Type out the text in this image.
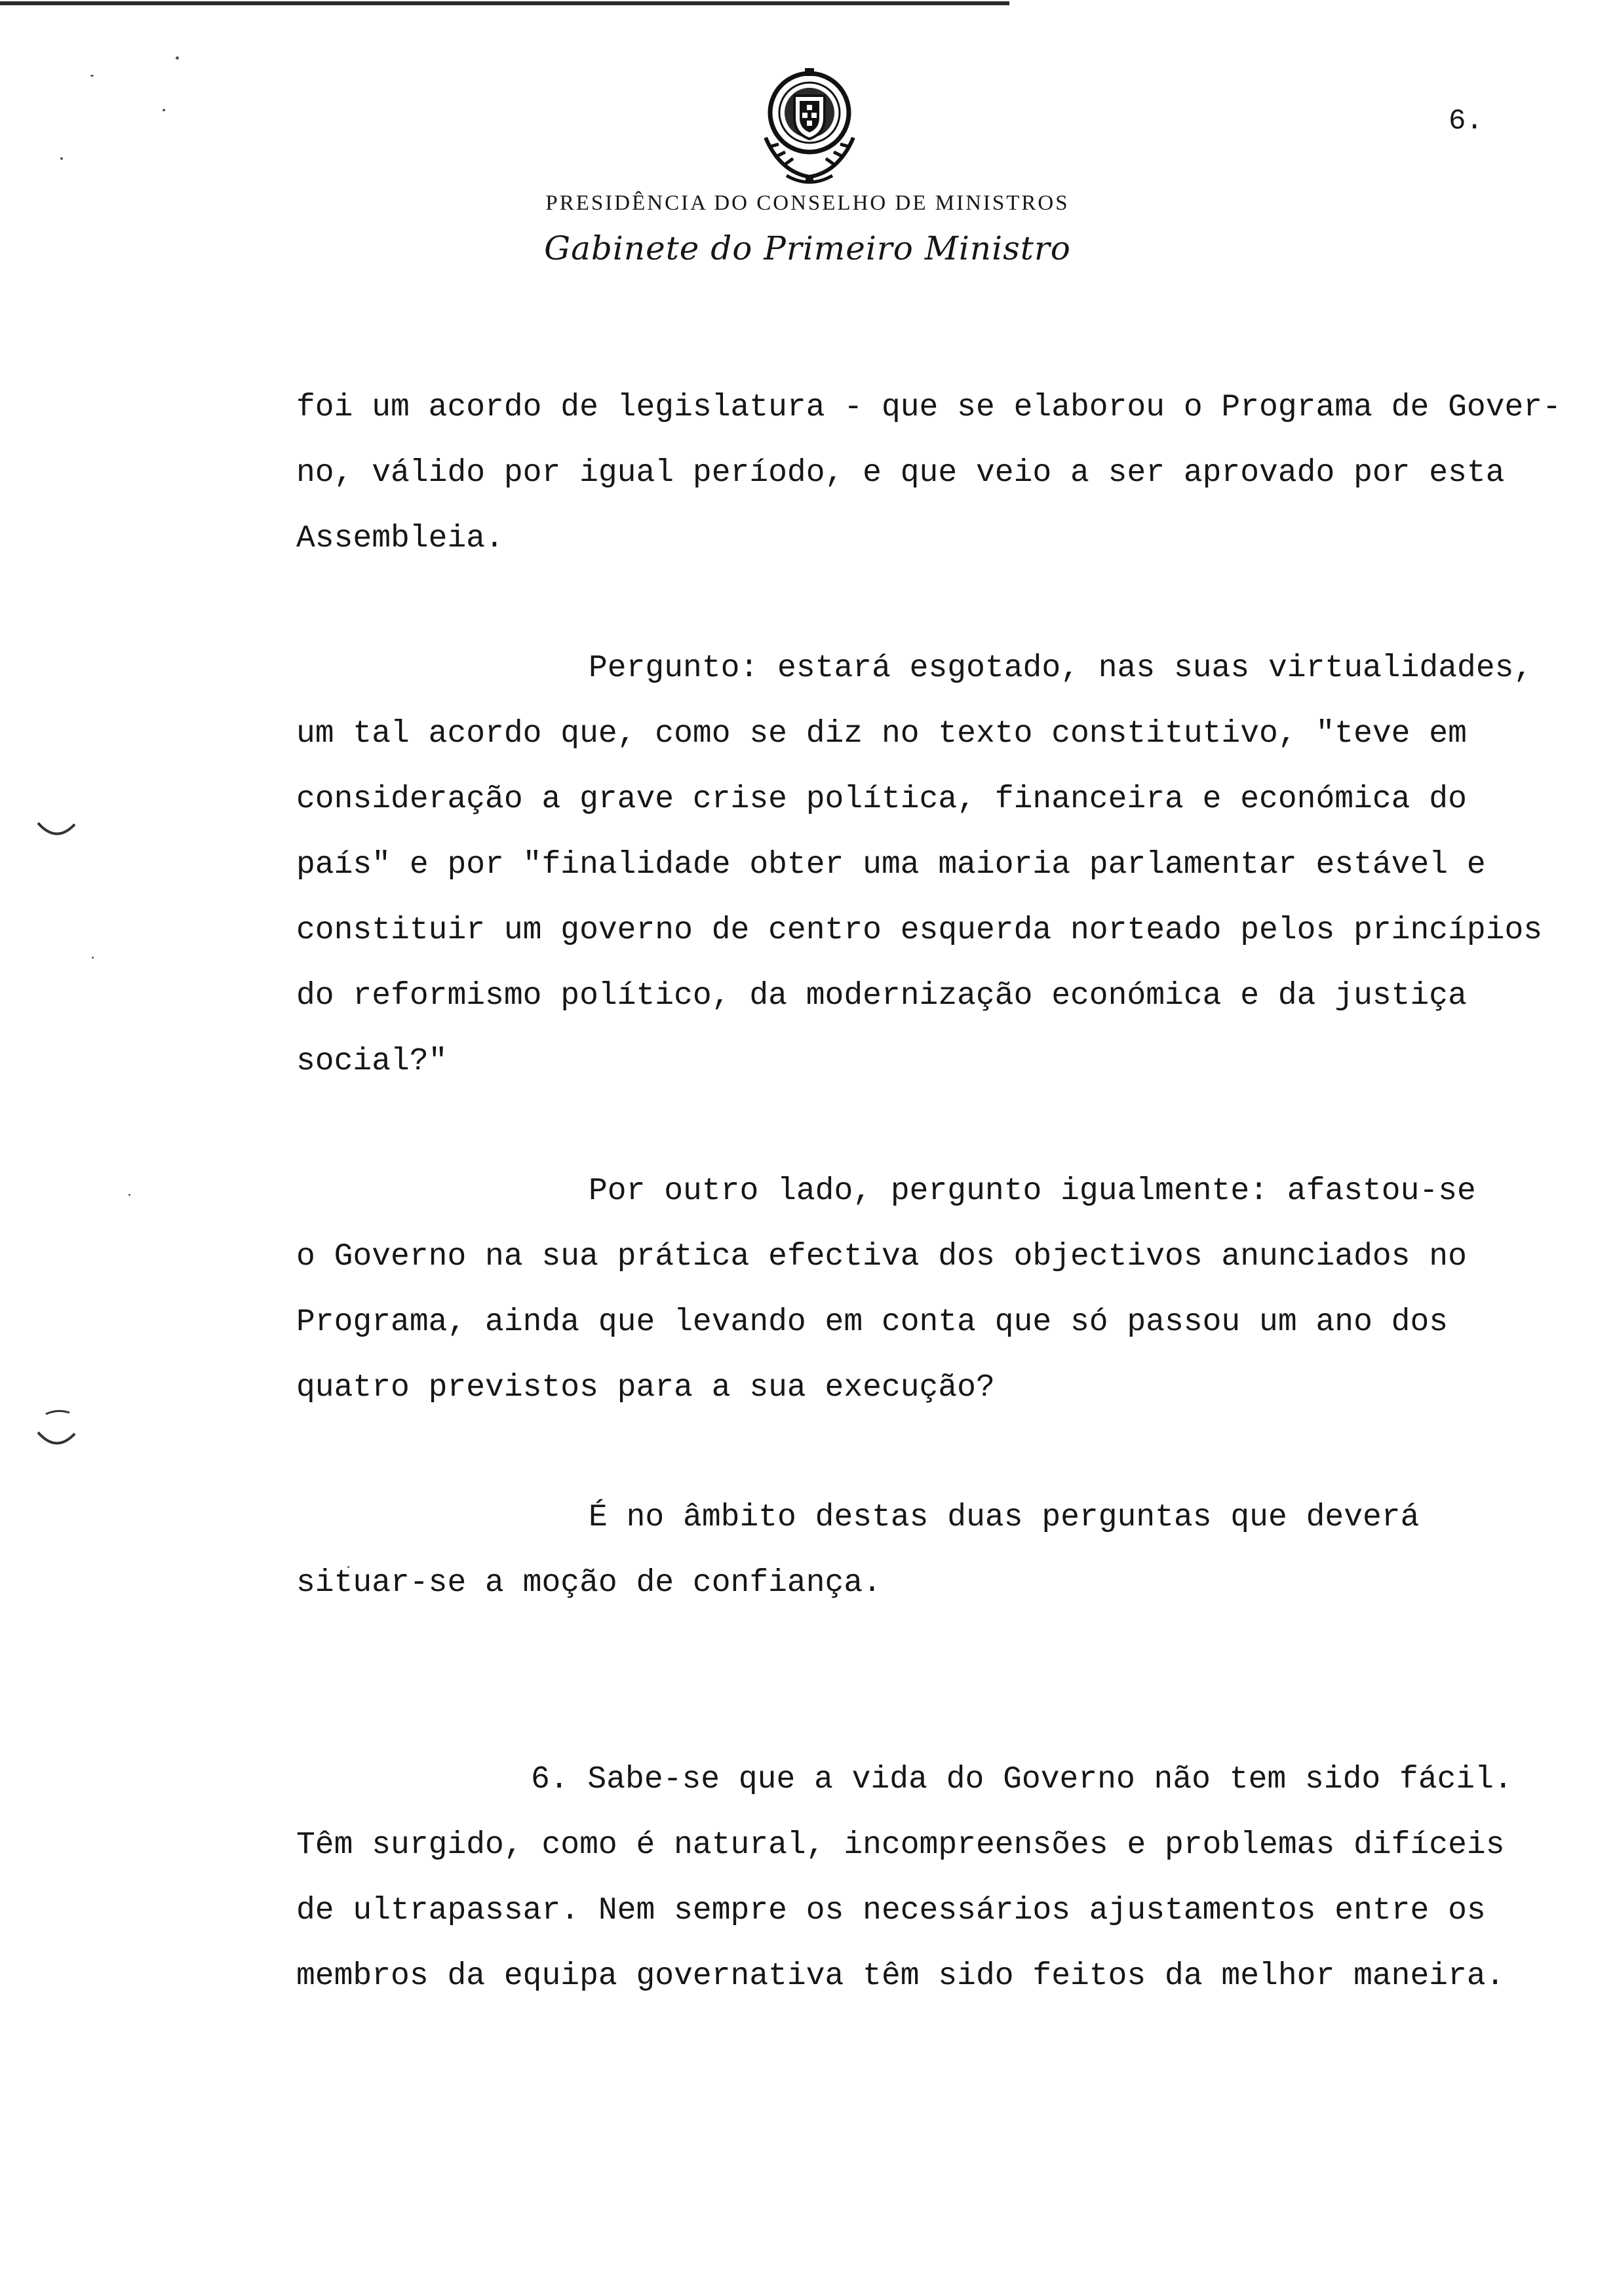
6.

PRESIDÊNCIA DO CONSELHO DE MINISTROS

Gabinete do Primeiro Ministro

foi um acordo de legislatura - que se elaborou o Programa de Gover-

no, válido por igual período, e que veio a ser aprovado por esta

Assembleia.

Pergunto: estará esgotado, nas suas virtualidades,

um tal acordo que, como se diz no texto constitutivo, "teve em

consideração a grave crise política, financeira e económica do

país" e por "finalidade obter uma maioria parlamentar estável e

constituir um governo de centro esquerda norteado pelos princípios

do reformismo político, da modernização económica e da justiça

social?"

Por outro lado, pergunto igualmente: afastou-se

o Governo na sua prática efectiva dos objectivos anunciados no

Programa, ainda que levando em conta que só passou um ano dos

quatro previstos para a sua execução?

É no âmbito destas duas perguntas que deverá

situar-se a moção de confiança.

6. Sabe-se que a vida do Governo não tem sido fácil.

Têm surgido, como é natural, incompreensões e problemas difíceis

de ultrapassar. Nem sempre os necessários ajustamentos entre os

membros da equipa governativa têm sido feitos da melhor maneira.
